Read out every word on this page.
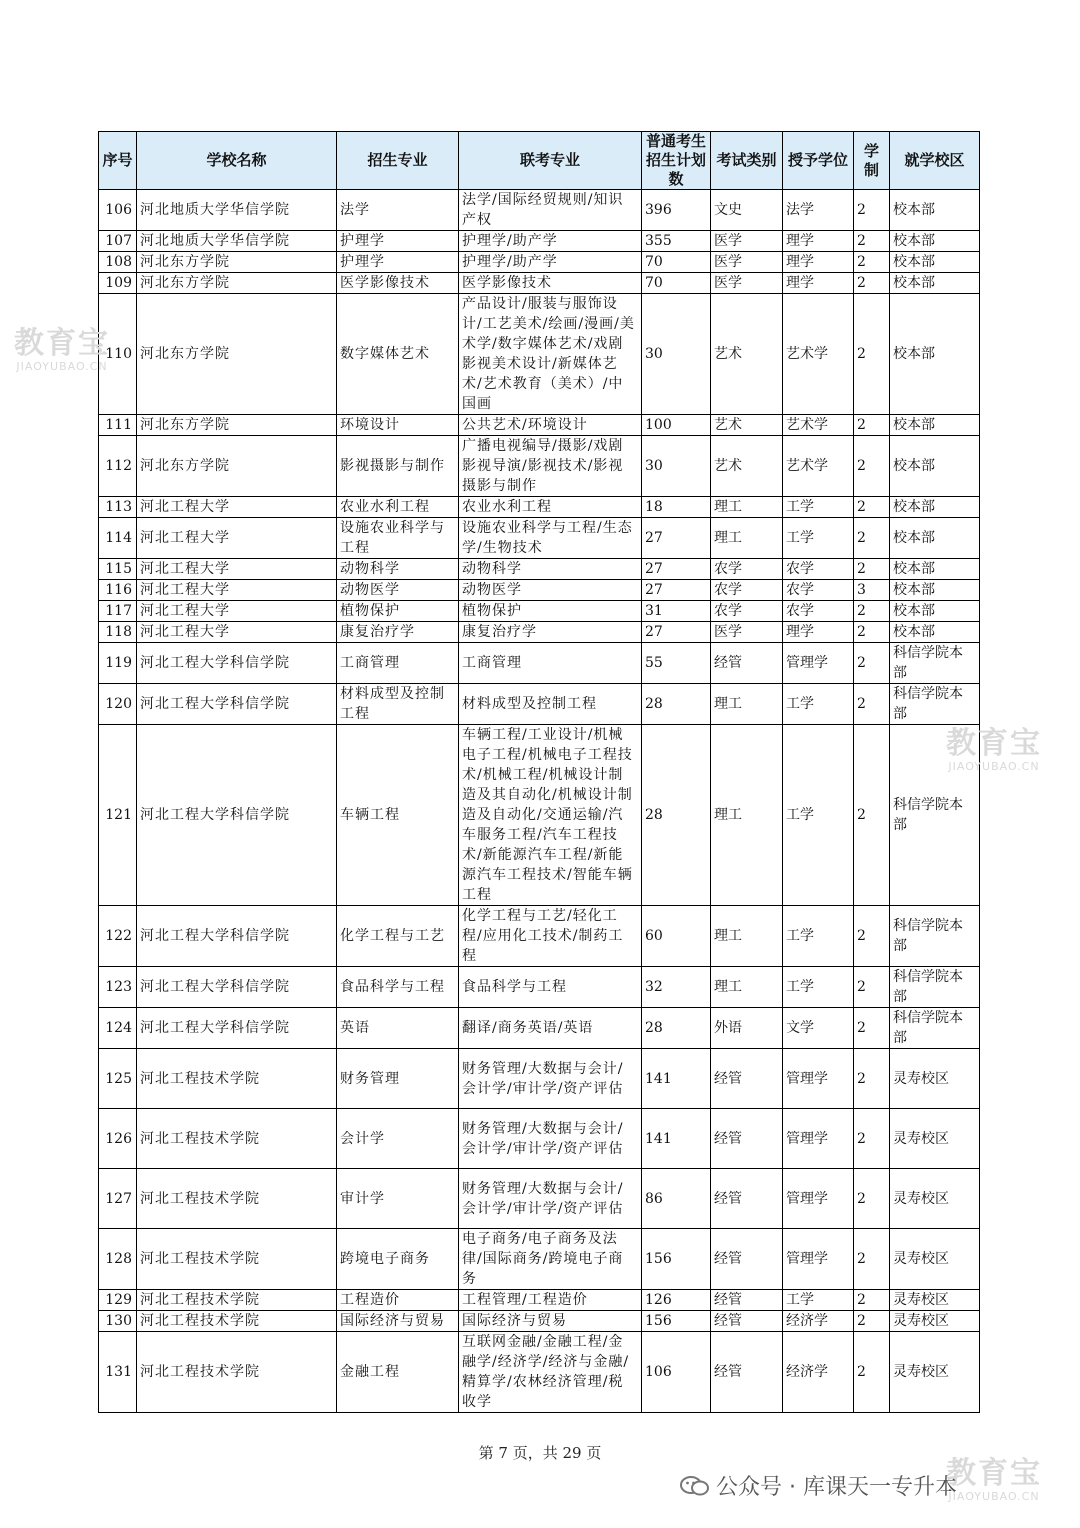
序号	学校名称	招生专业	联考专业	普通考生招生计划数	考试类别	授予学位	学制	就学校区
106	河北地质大学华信学院	法学	法学/国际经贸规则/知识产权	396	文史	法学	2	校本部
107	河北地质大学华信学院	护理学	护理学/助产学	355	医学	理学	2	校本部
108	河北东方学院	护理学	护理学/助产学	70	医学	理学	2	校本部
109	河北东方学院	医学影像技术	医学影像技术	70	医学	理学	2	校本部
110	河北东方学院	数字媒体艺术	产品设计/服装与服饰设计/工艺美术/绘画/漫画/美术学/数字媒体艺术/戏剧影视美术设计/新媒体艺术/艺术教育（美术）/中国画	30	艺术	艺术学	2	校本部
111	河北东方学院	环境设计	公共艺术/环境设计	100	艺术	艺术学	2	校本部
112	河北东方学院	影视摄影与制作	广播电视编导/摄影/戏剧影视导演/影视技术/影视摄影与制作	30	艺术	艺术学	2	校本部
113	河北工程大学	农业水利工程	农业水利工程	18	理工	工学	2	校本部
114	河北工程大学	设施农业科学与工程	设施农业科学与工程/生态学/生物技术	27	理工	工学	2	校本部
115	河北工程大学	动物科学	动物科学	27	农学	农学	2	校本部
116	河北工程大学	动物医学	动物医学	27	农学	农学	3	校本部
117	河北工程大学	植物保护	植物保护	31	农学	农学	2	校本部
118	河北工程大学	康复治疗学	康复治疗学	27	医学	理学	2	校本部
119	河北工程大学科信学院	工商管理	工商管理	55	经管	管理学	2	科信学院本部
120	河北工程大学科信学院	材料成型及控制工程	材料成型及控制工程	28	理工	工学	2	科信学院本部
121	河北工程大学科信学院	车辆工程	车辆工程/工业设计/机械电子工程/机械电子工程技术/机械工程/机械设计制造及其自动化/机械设计制造及自动化/交通运输/汽车服务工程/汽车工程技术/新能源汽车工程/新能源汽车工程技术/智能车辆工程	28	理工	工学	2	科信学院本部
122	河北工程大学科信学院	化学工程与工艺	化学工程与工艺/轻化工程/应用化工技术/制药工程	60	理工	工学	2	科信学院本部
123	河北工程大学科信学院	食品科学与工程	食品科学与工程	32	理工	工学	2	科信学院本部
124	河北工程大学科信学院	英语	翻译/商务英语/英语	28	外语	文学	2	科信学院本部
125	河北工程技术学院	财务管理	财务管理/大数据与会计/会计学/审计学/资产评估	141	经管	管理学	2	灵寿校区
126	河北工程技术学院	会计学	财务管理/大数据与会计/会计学/审计学/资产评估	141	经管	管理学	2	灵寿校区
127	河北工程技术学院	审计学	财务管理/大数据与会计/会计学/审计学/资产评估	86	经管	管理学	2	灵寿校区
128	河北工程技术学院	跨境电子商务	电子商务/电子商务及法律/国际商务/跨境电子商务	156	经管	管理学	2	灵寿校区
129	河北工程技术学院	工程造价	工程管理/工程造价	126	经管	工学	2	灵寿校区
130	河北工程技术学院	国际经济与贸易	国际经济与贸易	156	经管	经济学	2	灵寿校区
131	河北工程技术学院	金融工程	互联网金融/金融工程/金融学/经济学/经济与金融/精算学/农林经济管理/税收学	106	经管	经济学	2	灵寿校区
第 7 页，共 29 页
教育宝
JIAOYUBAO.CN
教育宝
JIAOYUBAO.CN
教育宝
JIAOYUBAO.CN
公众号 · 库课天一专升本
